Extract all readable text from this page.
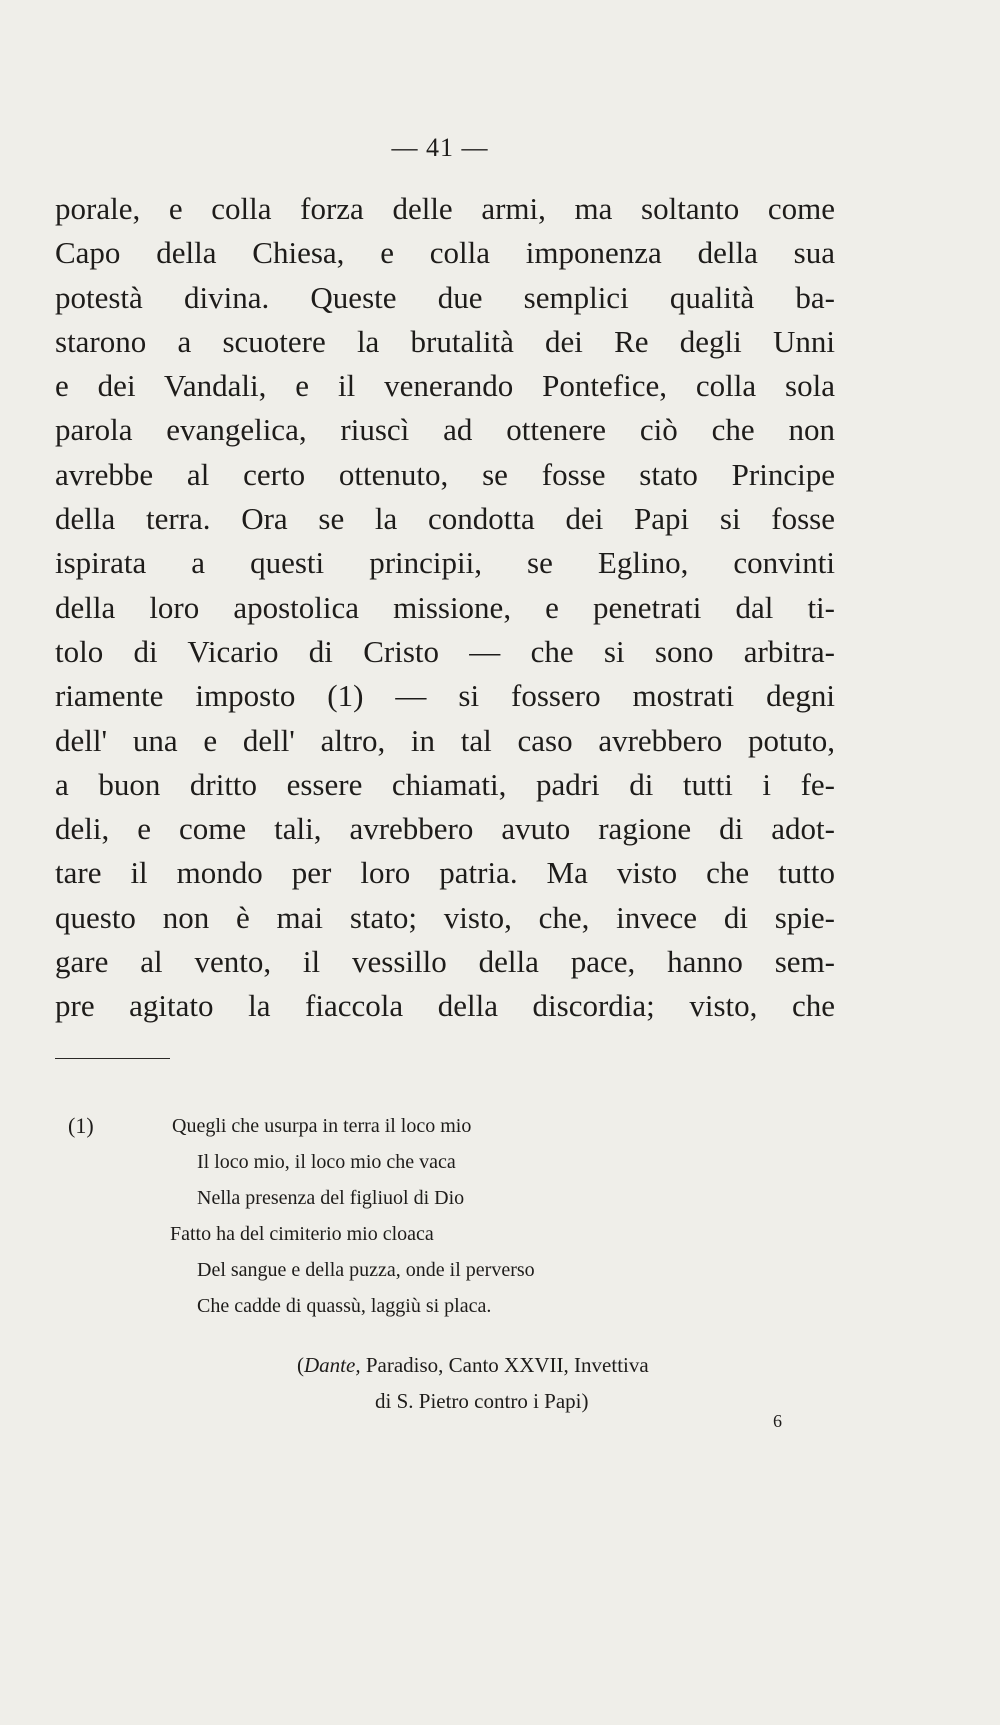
— 41 —
porale, e colla forza delle armi, ma soltanto come
Capo della Chiesa, e colla imponenza della sua
potestà divina. Queste due semplici qualità ba-
starono a scuotere la brutalità dei Re degli Unni
e dei Vandali, e il venerando Pontefice, colla sola
parola evangelica, riuscì ad ottenere ciò che non
avrebbe al certo ottenuto, se fosse stato Principe
della terra. Ora se la condotta dei Papi si fosse
ispirata a questi principii, se Eglino, convinti
della loro apostolica missione, e penetrati dal ti-
tolo di Vicario di Cristo — che si sono arbitra-
riamente imposto (1) — si fossero mostrati degni
dell' una e dell' altro, in tal caso avrebbero potuto,
a buon dritto essere chiamati, padri di tutti i fe-
deli, e come tali, avrebbero avuto ragione di adot-
tare il mondo per loro patria. Ma visto che tutto
questo non è mai stato; visto, che, invece di spie-
gare al vento, il vessillo della pace, hanno sem-
pre agitato la fiaccola della discordia; visto, che
(1)	Quegli che usurpa in terra il loco mio
Il loco mio, il loco mio che vaca
Nella presenza del figliuol di Dio
Fatto ha del cimiterio mio cloaca
Del sangue e della puzza, onde il perverso
Che cadde di quassù, laggiù si placa.
(Dante, Paradiso, Canto XXVII, Invettiva
di S. Pietro contro i Papi)
6
